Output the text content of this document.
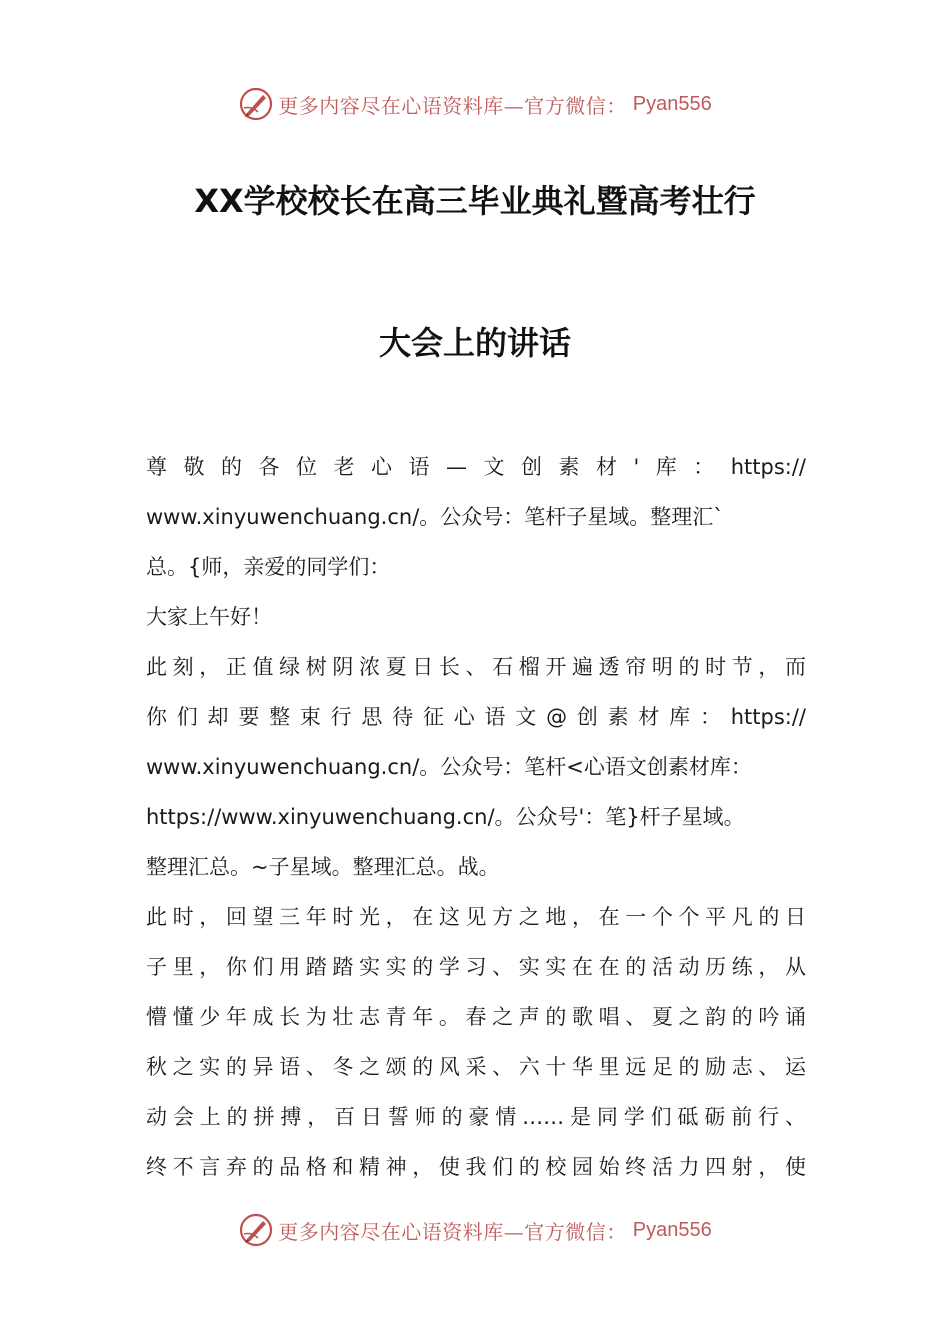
更多内容尽在心语资料库—官方微信： Pyan556
XX学校校长在高三毕业典礼暨高考壮行
大会上的讲话
尊敬的各位老心语—文创素材'库：https://
www.xinyuwenchuang.cn/。公众号：笔杆子星域。整理汇`
总。{师，亲爱的同学们：
大家上午好！
此刻，正值绿树阴浓夏日长、石榴开遍透帘明的时节，而
你们却要整束行思待征心语文@创素材库：https://
www.xinyuwenchuang.cn/。公众号：笔杆<心语文创素材库：
https://www.xinyuwenchuang.cn/。公众号'：笔}杆子星域。
整理汇总。~子星域。整理汇总。战。
此时，回望三年时光，在这见方之地，在一个个平凡的日
子里，你们用踏踏实实的学习、实实在在的活动历练，从
懵懂少年成长为壮志青年。春之声的歌唱、夏之韵的吟诵
秋之实的异语、冬之颂的风采、六十华里远足的励志、运
动会上的拼搏，百日誓师的豪情……是同学们砥砺前行、
终不言弃的品格和精神，使我们的校园始终活力四射，使
更多内容尽在心语资料库—官方微信： Pyan556
